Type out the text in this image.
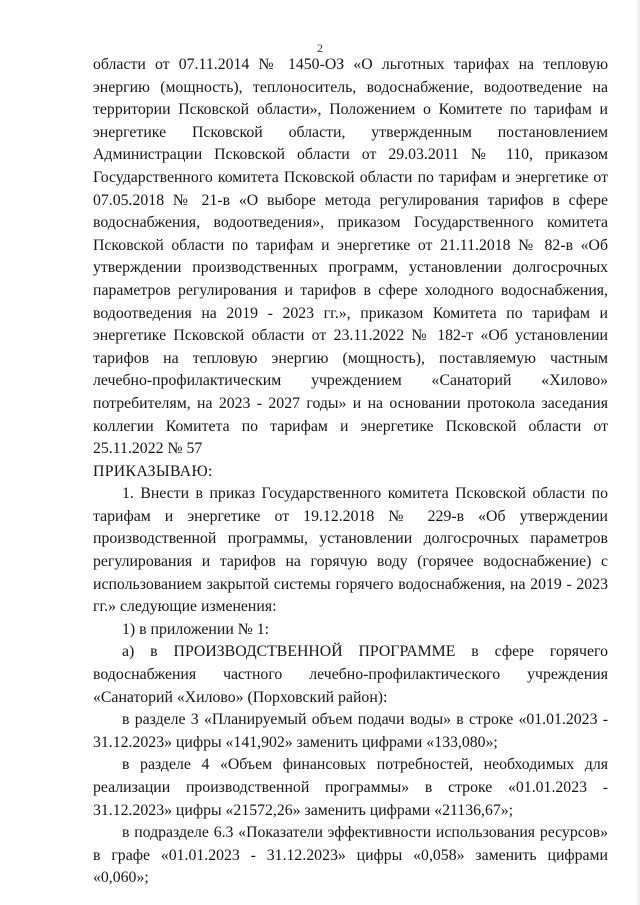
2

области от 07.11.2014 № 1450-ОЗ «О льготных тарифах на тепловую энергию (мощность), теплоноситель, водоснабжение, водоотведение на территории Псковской области», Положением о Комитете по тарифам и энергетике Псковской области, утвержденным постановлением Администрации Псковской области от 29.03.2011 № 110, приказом Государственного комитета Псковской области по тарифам и энергетике от 07.05.2018 № 21-в «О выборе метода регулирования тарифов в сфере водоснабжения, водоотведения», приказом Государственного комитета Псковской области по тарифам и энергетике от 21.11.2018 № 82-в «Об утверждении производственных программ, установлении долгосрочных параметров регулирования и тарифов в сфере холодного водоснабжения, водоотведения на 2019 - 2023 гг.», приказом Комитета по тарифам и энергетике Псковской области от 23.11.2022 № 182-т «Об установлении тарифов на тепловую энергию (мощность), поставляемую частным лечебно-профилактическим учреждением «Санаторий «Хилово» потребителям, на 2023 - 2027 годы» и на основании протокола заседания коллегии Комитета по тарифам и энергетике Псковской области от 25.11.2022 № 57

ПРИКАЗЫВАЮ:

1. Внести в приказ Государственного комитета Псковской области по тарифам и энергетике от 19.12.2018 № 229-в «Об утверждении производственной программы, установлении долгосрочных параметров регулирования и тарифов на горячую воду (горячее водоснабжение) с использованием закрытой системы горячего водоснабжения, на 2019 - 2023 гг.» следующие изменения:

1) в приложении № 1:

а) в ПРОИЗВОДСТВЕННОЙ ПРОГРАММЕ в сфере горячего водоснабжения частного лечебно-профилактического учреждения «Санаторий «Хилово» (Порховский район):

в разделе 3 «Планируемый объем подачи воды» в строке «01.01.2023 - 31.12.2023» цифры «141,902» заменить цифрами «133,080»;

в разделе 4 «Объем финансовых потребностей, необходимых для реализации производственной программы» в строке «01.01.2023 - 31.12.2023» цифры «21572,26» заменить цифрами «21136,67»;

в подразделе 6.3 «Показатели эффективности использования ресурсов» в графе «01.01.2023 - 31.12.2023» цифры «0,058» заменить цифрами «0,060»;
